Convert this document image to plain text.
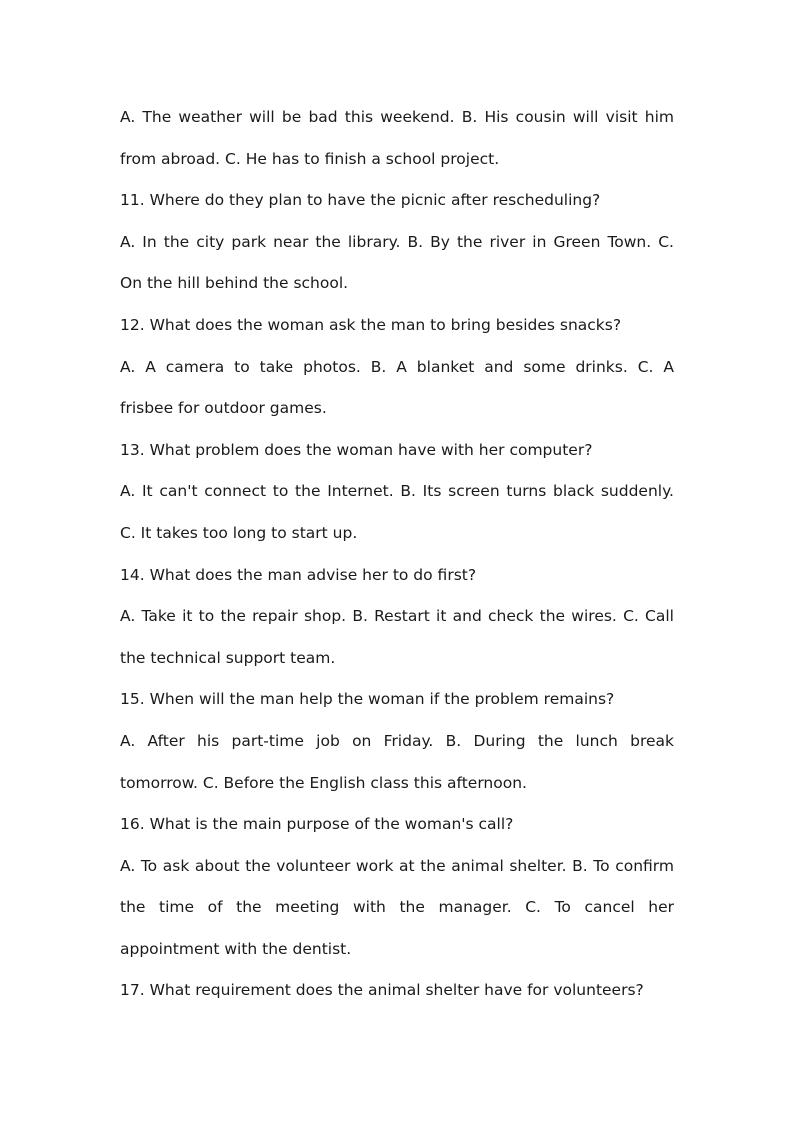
A. The weather will be bad this weekend. B. His cousin will visit him
from abroad. C. He has to finish a school project.
11. Where do they plan to have the picnic after rescheduling?
A. In the city park near the library. B. By the river in Green Town. C.
On the hill behind the school.
12. What does the woman ask the man to bring besides snacks?
A. A camera to take photos. B. A blanket and some drinks. C. A
frisbee for outdoor games.
13. What problem does the woman have with her computer?
A. It can't connect to the Internet. B. Its screen turns black suddenly.
C. It takes too long to start up.
14. What does the man advise her to do first?
A. Take it to the repair shop. B. Restart it and check the wires. C. Call
the technical support team.
15. When will the man help the woman if the problem remains?
A. After his part-time job on Friday. B. During the lunch break
tomorrow. C. Before the English class this afternoon.
16. What is the main purpose of the woman's call?
A. To ask about the volunteer work at the animal shelter. B. To confirm
the time of the meeting with the manager. C. To cancel her
appointment with the dentist.
17. What requirement does the animal shelter have for volunteers?
